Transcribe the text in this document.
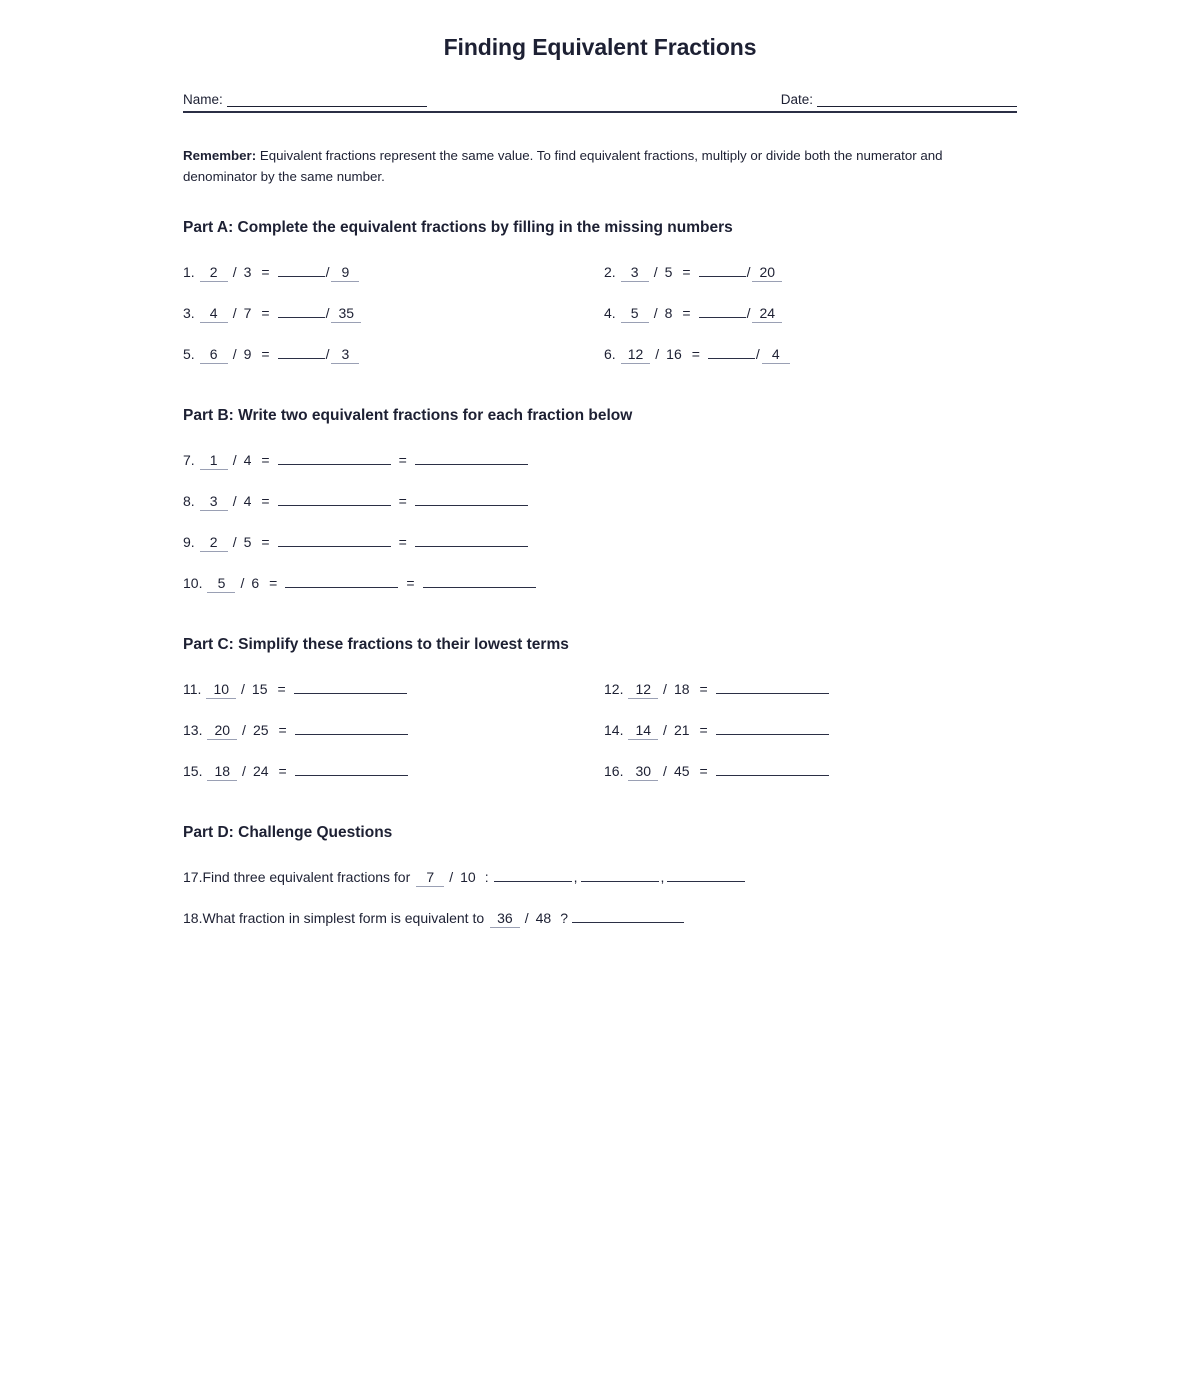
Finding Equivalent Fractions
Name:	Date:

Remember: Equivalent fractions represent the same value. To find equivalent fractions, multiply or divide both the numerator and denominator by the same number.

Part A: Complete the equivalent fractions by filling in the missing numbers
1.	2	/ 3 =	/ 9	2.	3	/ 5 =	/ 20
3.	4	/ 7 =	/ 35	4.	5	/ 8 =	/ 24
5.	6	/ 9 =	/ 3	6. 12 / 16 =	/ 4
Part B: Write two equivalent fractions for each fraction below
7.	1	/ 4 =	=
8.	3	/ 4 =	=
9.	2	/ 5 =	=
10.	5	/ 6 =	=
Part C: Simplify these fractions to their lowest terms
11. 10 / 15 =	12. 12 / 18 =
13. 20 / 25 =	14. 14 / 21 =
15. 18 / 24 =	16. 30 / 45 =
Part D: Challenge Questions
17. Find three equivalent fractions for	7	/ 10 :	,	,
18. What fraction in simplest form is equivalent to 36 / 48 ?
